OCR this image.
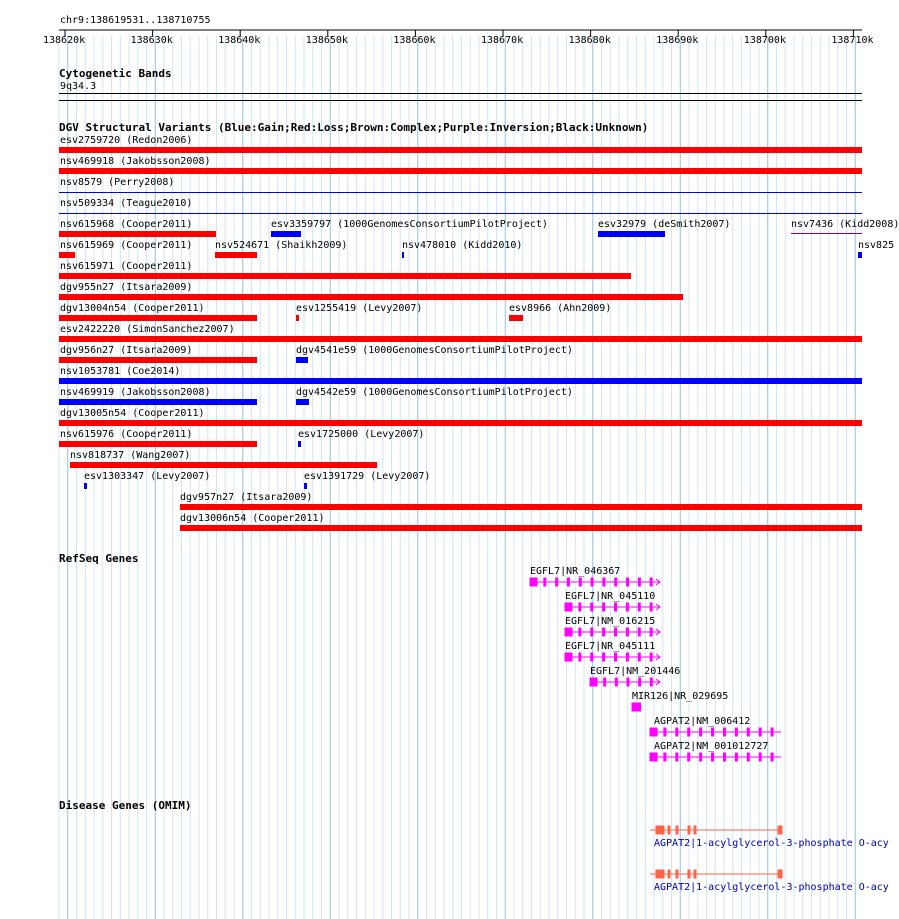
chr9:138619531..138710755
138620k	138630k	138640k	138650k	138660k	138670k	138680k	138690k	138700k	138710k
Cytogenetic Bands
9q34.3
DGV Structural Variants (Blue:Gain;Red:Loss;Brown:Complex;Purple:Inversion;Black:Unknown)
esv2759720 (Redon2006)
nsv469918 (Jakobsson2008)
nsv8579 (Perry2008)
nsv509334 (Teague2010)
nsv615968 (Cooper2011)	esv3359797 (1000GenomesConsortiumPilotProject)	esv32979 (deSmith2007)	nsv7436 (Kidd2008)
nsv615969 (Cooper2011) nsv524671 (Shaikh2009)	nsv478010 (Kidd2010)	nsv825
nsv615971 (Cooper2011)
dgv955n27 (Itsara2009)
dgv13004n54 (Cooper2011)	esv1255419 (Levy2007)	esv8966 (Ahn2009)
esv2422220 (SimonSanchez2007)
dgv956n27 (Itsara2009)	dgv4541e59 (1000GenomesConsortiumPilotProject)
nsv1053781 (Coe2014)
nsv469919 (Jakobsson2008)	dgv4542e59 (1000GenomesConsortiumPilotProject)
dgv13005n54 (Cooper2011)
nsv615976 (Cooper2011)	esv1725000 (Levy2007)
nsv818737 (Wang2007)
esv1303347 (Levy2007)	esv1391729 (Levy2007)
dgv957n27 (Itsara2009)
dgv13006n54 (Cooper2011)
RefSeq Genes
EGFL7|NR_046367
EGFL7|NR_045110
EGFL7|NM_016215
EGFL7|NR_045111
EGFL7|NM_201446
MIR126|NR_029695
AGPAT2|NM_006412
AGPAT2|NM_001012727
Disease Genes (OMIM)
AGPAT2|1-acylglycerol-3-phosphate O-acy
AGPAT2|1-acylglycerol-3-phosphate O-acy
